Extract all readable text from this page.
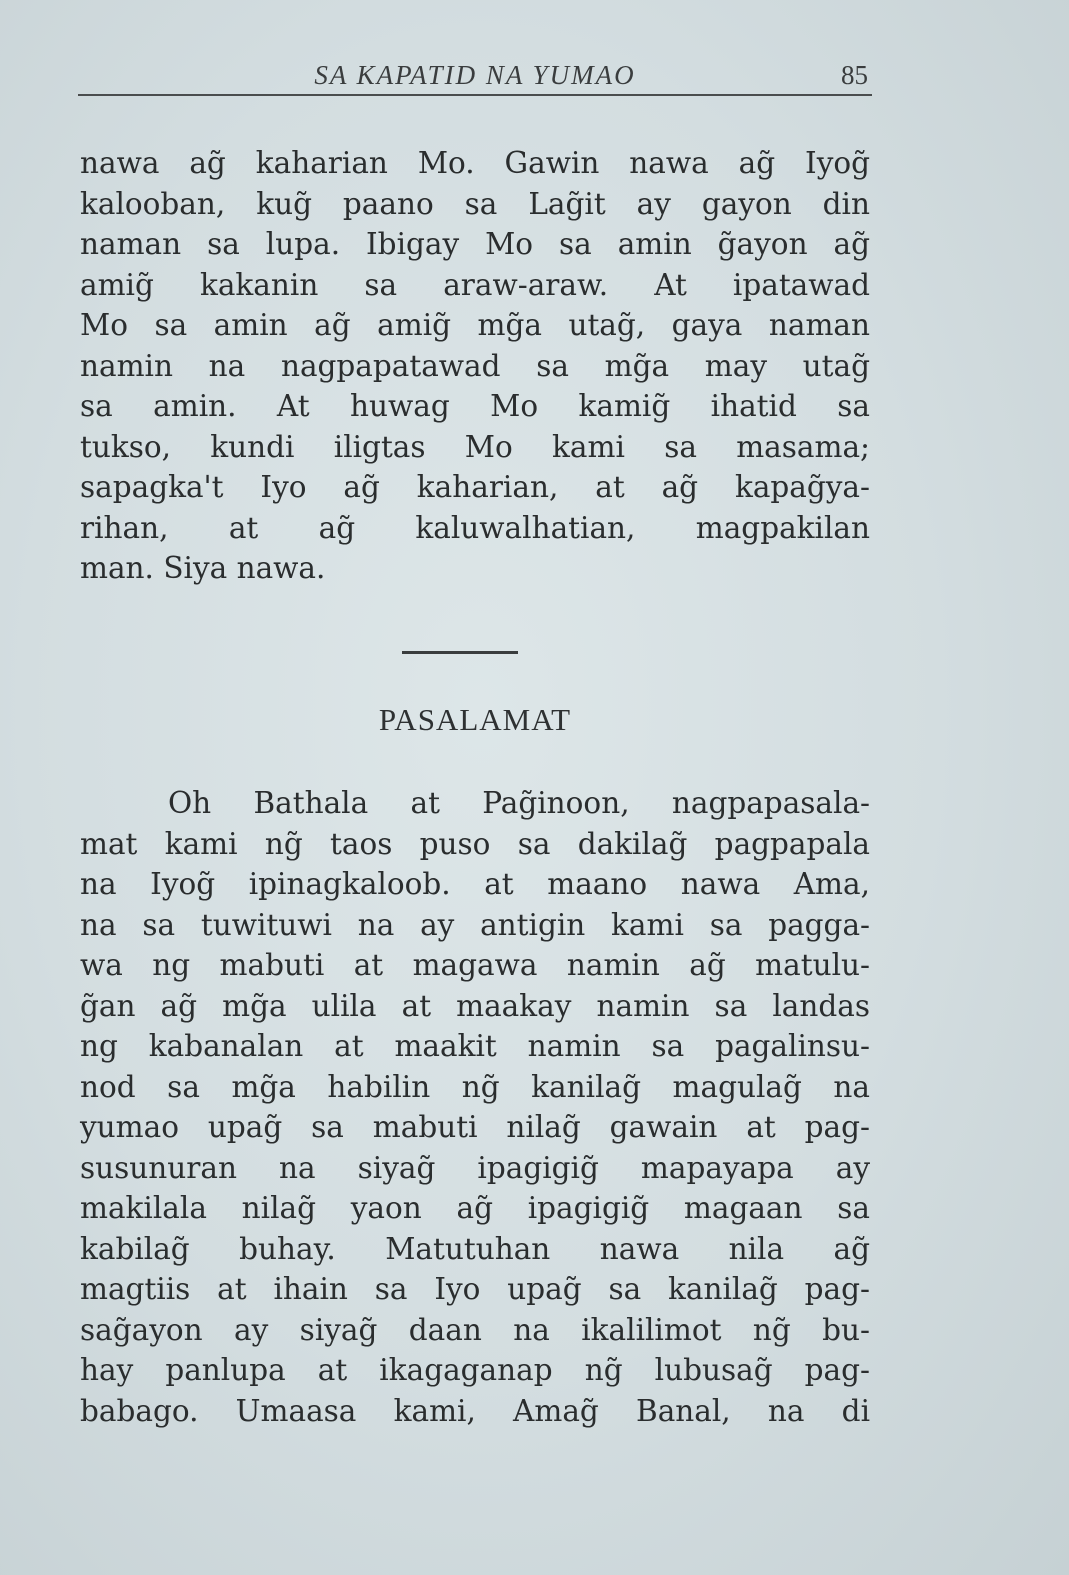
SA KAPATID NA YUMAO	85
nawa ag̃ kaharian Mo. Gawin nawa ag̃ Iyog̃
kalooban, kug̃ paano sa Lag̃it ay gayon din
naman sa lupa. Ibigay Mo sa amin g̃ayon ag̃
amig̃ kakanin sa araw-araw. At ipatawad
Mo sa amin ag̃ amig̃ mg̃a utag̃, gaya naman
namin na nagpapatawad sa mg̃a may utag̃
sa amin. At huwag Mo kamig̃ ihatid sa
tukso, kundi iligtas Mo kami sa masama;
sapagka't Iyo ag̃ kaharian, at ag̃ kapag̃ya-
rihan, at ag̃ kaluwalhatian, magpakilan
man. Siya nawa.
PASALAMAT
Oh Bathala at Pag̃inoon, nagpapasala-
mat kami ng̃ taos puso sa dakilag̃ pagpapala
na Iyog̃ ipinagkaloob. at maano nawa Ama,
na sa tuwituwi na ay antigin kami sa pagga-
wa ng mabuti at magawa namin ag̃ matulu-
g̃an ag̃ mg̃a ulila at maakay namin sa landas
ng kabanalan at maakit namin sa pagalinsu-
nod sa mg̃a habilin ng̃ kanilag̃ magulag̃ na
yumao upag̃ sa mabuti nilag̃ gawain at pag-
susunuran na siyag̃ ipagigig̃ mapayapa ay
makilala nilag̃ yaon ag̃ ipagigig̃ magaan sa
kabilag̃ buhay. Matutuhan nawa nila ag̃
magtiis at ihain sa Iyo upag̃ sa kanilag̃ pag-
sag̃ayon ay siyag̃ daan na ikalilimot ng̃ bu-
hay panlupa at ikagaganap ng̃ lubusag̃ pag-
babago. Umaasa kami, Amag̃ Banal, na di
